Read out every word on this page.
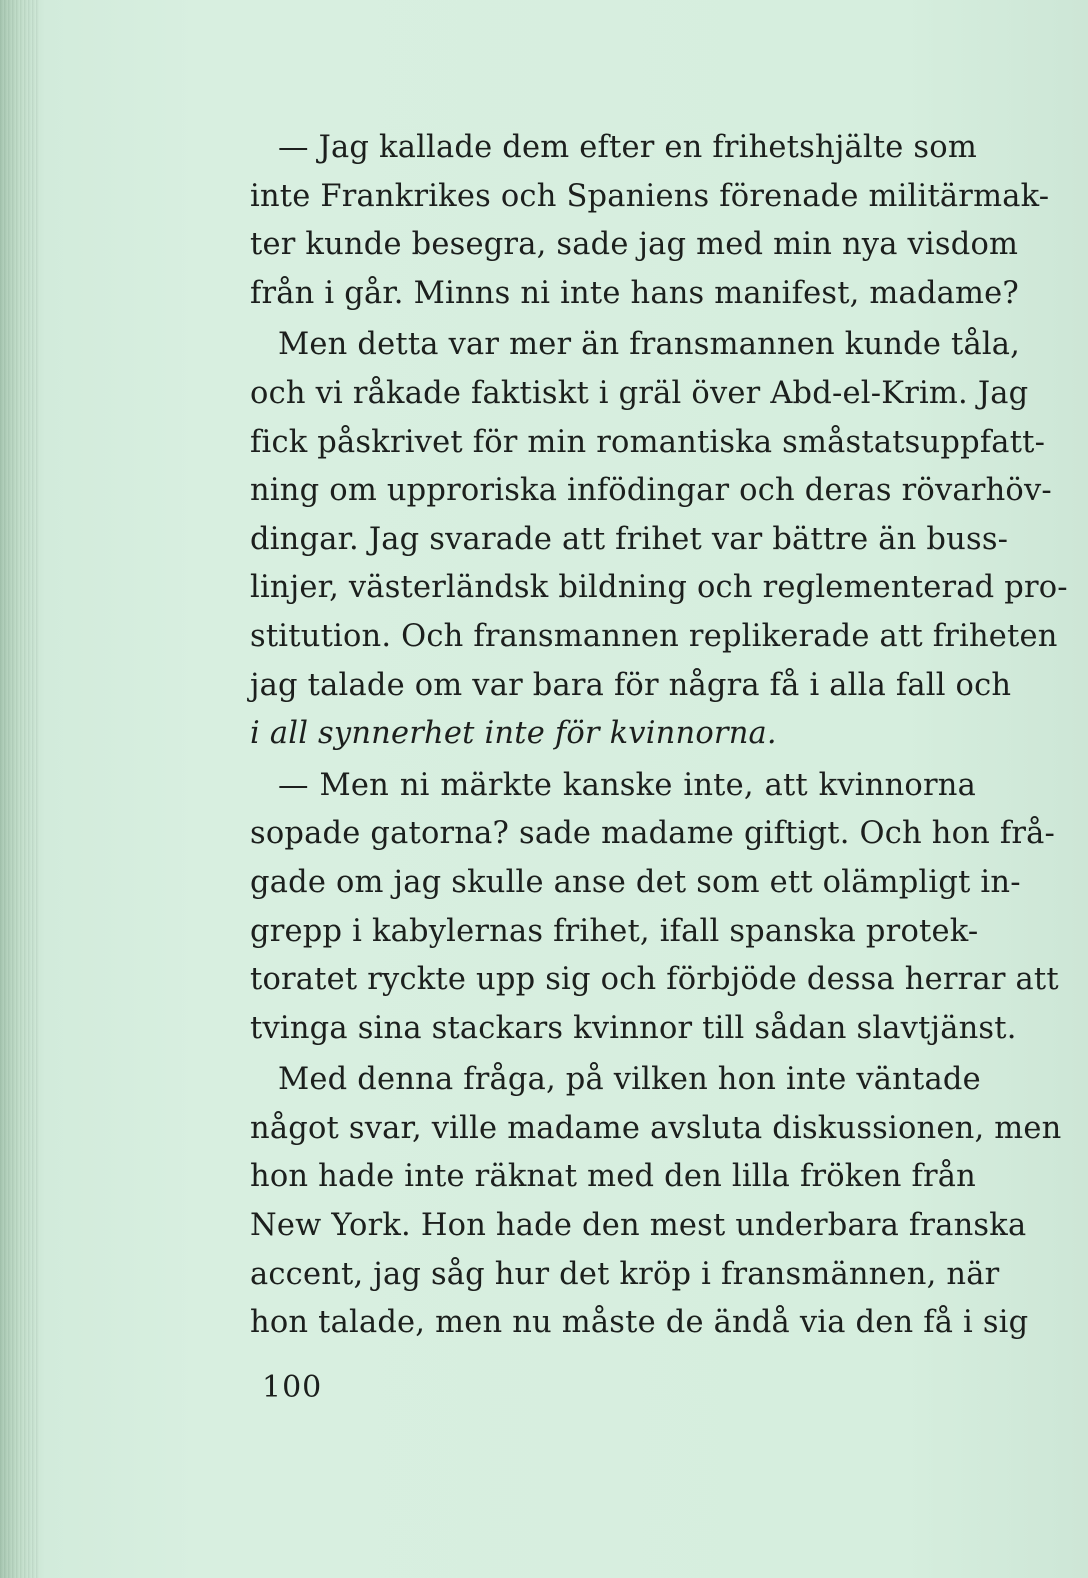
— Jag kallade dem efter en frihetshjälte som
inte Frankrikes och Spaniens förenade militärmak-
ter kunde besegra, sade jag med min nya visdom
från i går. Minns ni inte hans manifest, madame?

Men detta var mer än fransmannen kunde tåla,
och vi råkade faktiskt i gräl över Abd-el-Krim. Jag
fick påskrivet för min romantiska småstatsuppfatt-
ning om upproriska infödingar och deras rövarhöv-
dingar. Jag svarade att frihet var bättre än buss-
linjer, västerländsk bildning och reglementerad pro-
stitution. Och fransmannen replikerade att friheten
jag talade om var bara för några få i alla fall och
i all synnerhet inte för kvinnorna.

— Men ni märkte kanske inte, att kvinnorna
sopade gatorna? sade madame giftigt. Och hon frå-
gade om jag skulle anse det som ett olämpligt in-
grepp i kabylernas frihet, ifall spanska protek-
toratet ryckte upp sig och förbjöde dessa herrar att
tvinga sina stackars kvinnor till sådan slavtjänst.

Med denna fråga, på vilken hon inte väntade
något svar, ville madame avsluta diskussionen, men
hon hade inte räknat med den lilla fröken från
New York. Hon hade den mest underbara franska
accent, jag såg hur det kröp i fransmännen, när
hon talade, men nu måste de ändå via den få i sig

100
